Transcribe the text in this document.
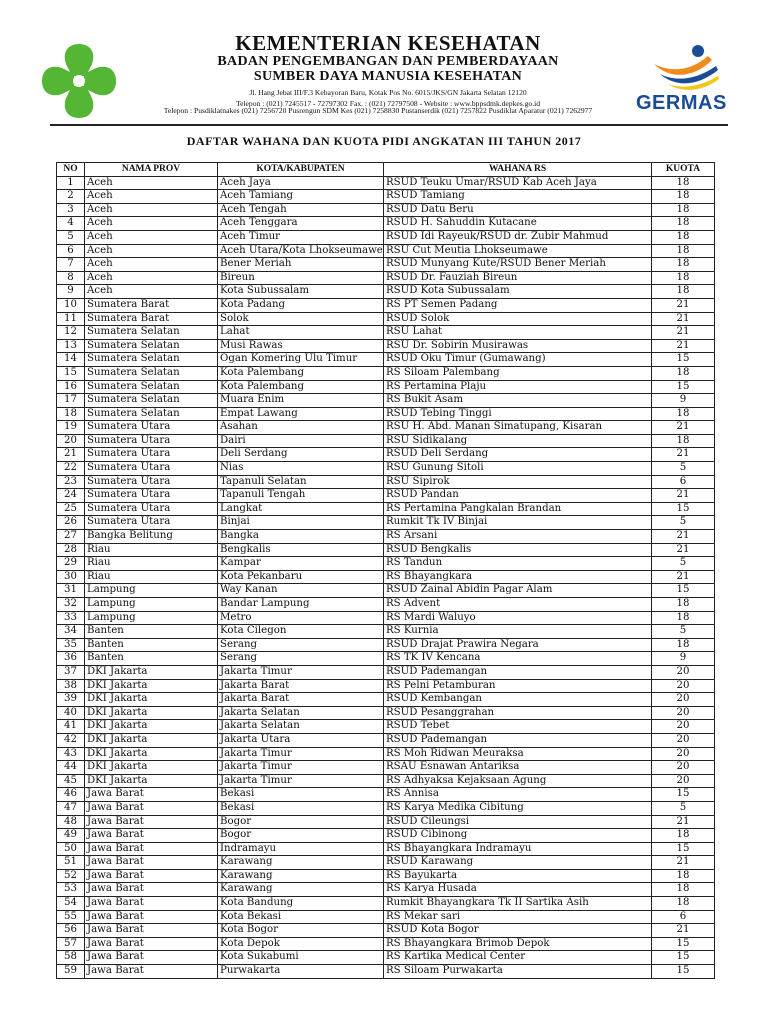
KEMENTERIAN KESEHATAN
BADAN PENGEMBANGAN DAN PEMBERDAYAAN
SUMBER DAYA MANUSIA KESEHATAN
Jl. Hang Jebat III/F.3 Kebayoran Baru, Kotak Pos No. 6015/JKS/GN Jakarta Selatan 12120
Telepon : (021) 7245517 - 72797302 Fax. : (021) 72797508 - Website : www.bppsdmk.depkes.go.id
Telepon : Pusdiklatnakes (021) 7256720 Pusrengun SDM Kes (021) 7258830 Pustanserdik (021) 7257822 Pusdiklat Aparatur (021) 7262977	GERMAS
DAFTAR WAHANA DAN KUOTA PIDI ANGKATAN III TAHUN 2017
NO	NAMA PROV	KOTA/KABUPATEN	WAHANA RS	KUOTA
1	Aceh	Aceh Jaya	RSUD Teuku Umar/RSUD Kab Aceh Jaya	18
2	Aceh	Aceh Tamiang	RSUD Tamiang	18
3	Aceh	Aceh Tengah	RSUD Datu Beru	18
4	Aceh	Aceh Tenggara	RSUD H. Sahuddin Kutacane	18
5	Aceh	Aceh Timur	RSUD Idi Rayeuk/RSUD dr. Zubir Mahmud	18
6	Aceh	Aceh Utara/Kota Lhokseumawe	RSU Cut Meutia Lhokseumawe	18
7	Aceh	Bener Meriah	RSUD Munyang Kute/RSUD Bener Meriah	18
8	Aceh	Bireun	RSUD Dr. Fauziah Bireun	18
9	Aceh	Kota Subussalam	RSUD Kota Subussalam	18
10	Sumatera Barat	Kota Padang	RS PT Semen Padang	21
11	Sumatera Barat	Solok	RSUD Solok	21
12	Sumatera Selatan	Lahat	RSU Lahat	21
13	Sumatera Selatan	Musi Rawas	RSU Dr. Sobirin Musirawas	21
14	Sumatera Selatan	Ogan Komering Ulu Timur	RSUD Oku Timur (Gumawang)	15
15	Sumatera Selatan	Kota Palembang	RS Siloam Palembang	18
16	Sumatera Selatan	Kota Palembang	RS Pertamina Plaju	15
17	Sumatera Selatan	Muara Enim	RS Bukit Asam	9
18	Sumatera Selatan	Empat Lawang	RSUD Tebing Tinggi	18
19	Sumatera Utara	Asahan	RSU H. Abd. Manan Simatupang, Kisaran	21
20	Sumatera Utara	Dairi	RSU Sidikalang	18
21	Sumatera Utara	Deli Serdang	RSUD Deli Serdang	21
22	Sumatera Utara	Nias	RSU Gunung Sitoli	5
23	Sumatera Utara	Tapanuli Selatan	RSU Sipirok	6
24	Sumatera Utara	Tapanuli Tengah	RSUD Pandan	21
25	Sumatera Utara	Langkat	RS Pertamina Pangkalan Brandan	15
26	Sumatera Utara	Binjai	Rumkit Tk IV Binjai	5
27	Bangka Belitung	Bangka	RS Arsani	21
28	Riau	Bengkalis	RSUD Bengkalis	21
29	Riau	Kampar	RS Tandun	5
30	Riau	Kota Pekanbaru	RS Bhayangkara	21
31	Lampung	Way Kanan	RSUD Zainal Abidin Pagar Alam	15
32	Lampung	Bandar Lampung	RS Advent	18
33	Lampung	Metro	RS Mardi Waluyo	18
34	Banten	Kota Cilegon	RS Kurnia	5
35	Banten	Serang	RSUD Drajat Prawira Negara	18
36	Banten	Serang	RS TK IV Kencana	9
37	DKI Jakarta	Jakarta Timur	RSUD Pademangan	20
38	DKI Jakarta	Jakarta Barat	RS Pelni Petamburan	20
39	DKI Jakarta	Jakarta Barat	RSUD Kembangan	20
40	DKI Jakarta	Jakarta Selatan	RSUD Pesanggrahan	20
41	DKI Jakarta	Jakarta Selatan	RSUD Tebet	20
42	DKI Jakarta	Jakarta Utara	RSUD Pademangan	20
43	DKI Jakarta	Jakarta Timur	RS Moh Ridwan Meuraksa	20
44	DKI Jakarta	Jakarta Timur	RSAU Esnawan Antariksa	20
45	DKI Jakarta	Jakarta Timur	RS Adhyaksa Kejaksaan Agung	20
46	Jawa Barat	Bekasi	RS Annisa	15
47	Jawa Barat	Bekasi	RS Karya Medika Cibitung	5
48	Jawa Barat	Bogor	RSUD Cileungsi	21
49	Jawa Barat	Bogor	RSUD Cibinong	18
50	Jawa Barat	Indramayu	RS Bhayangkara Indramayu	15
51	Jawa Barat	Karawang	RSUD Karawang	21
52	Jawa Barat	Karawang	RS Bayukarta	18
53	Jawa Barat	Karawang	RS Karya Husada	18
54	Jawa Barat	Kota Bandung	Rumkit Bhayangkara Tk II Sartika Asih	18
55	Jawa Barat	Kota Bekasi	RS Mekar sari	6
56	Jawa Barat	Kota Bogor	RSUD Kota Bogor	21
57	Jawa Barat	Kota Depok	RS Bhayangkara Brimob Depok	15
58	Jawa Barat	Kota Sukabumi	RS Kartika Medical Center	15
59	Jawa Barat	Purwakarta	RS Siloam Purwakarta	15
